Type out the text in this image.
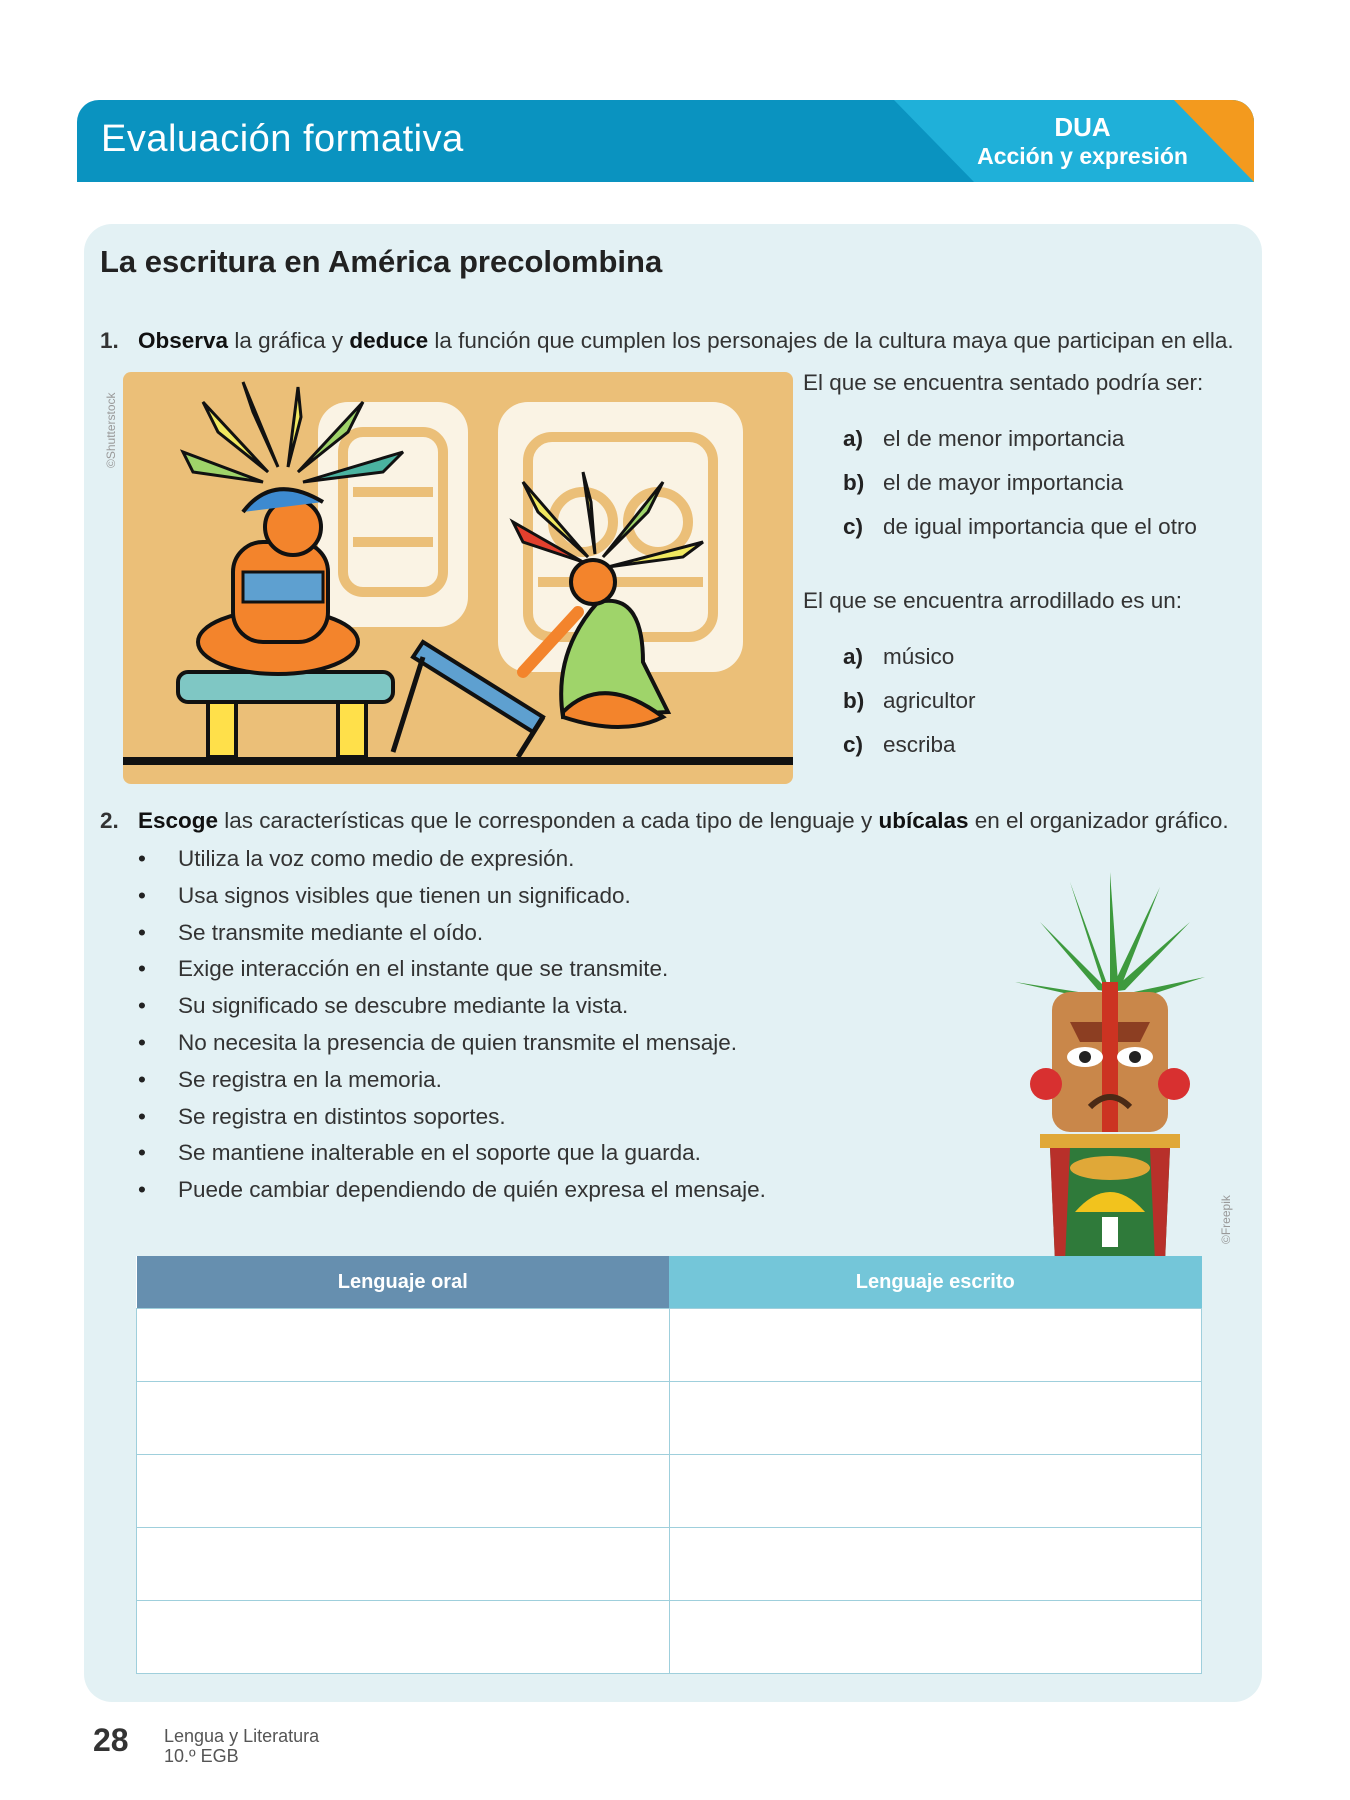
Evaluación formativa	DUA
Acción y expresión
La escritura en América precolombina
1. Observa la gráfica y deduce la función que cumplen los personajes de la cultura maya que participan en ella.
©Shutterstock
El que se encuentra sentado podría ser:
a) el de menor importancia
b) el de mayor importancia
c) de igual importancia que el otro
El que se encuentra arrodillado es un:
a) músico
b) agricultor
c) escriba
2. Escoge las características que le corresponden a cada tipo de lenguaje y ubícalas en el organizador gráfico.
• Utiliza la voz como medio de expresión.
• Usa signos visibles que tienen un significado.
• Se transmite mediante el oído.
• Exige interacción en el instante que se transmite.
• Su significado se descubre mediante la vista.
• No necesita la presencia de quien transmite el mensaje.
• Se registra en la memoria.
• Se registra en distintos soportes.
• Se mantiene inalterable en el soporte que la guarda.
• Puede cambiar dependiendo de quién expresa el mensaje.
©Freepik
Lenguaje oral	Lenguaje escrito

28 Lengua y Literatura
10.º EGB
